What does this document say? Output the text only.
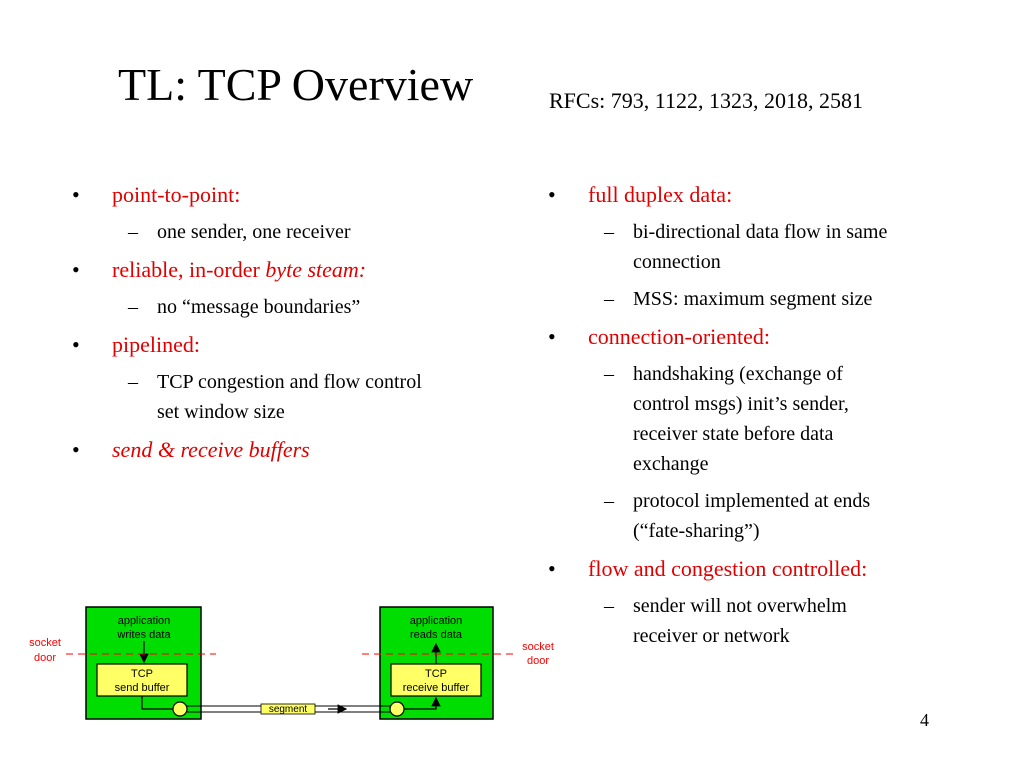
TL: TCP Overview	RFCs: 793, 1122, 1323, 2018, 2581
• point-to-point:
– one sender, one receiver
• reliable, in-order byte steam:
– no “message boundaries”
• pipelined:
– TCP congestion and flow control
set window size
• send & receive buffers
• full duplex data:
– bi-directional data flow in same
connection
– MSS: maximum segment size
• connection-oriented:
– handshaking (exchange of
control msgs) init’s sender,
receiver state before data
exchange
– protocol implemented at ends
(“fate-sharing”)
• flow and congestion controlled:
– sender will not overwhelm
receiver or network
application
writes data
TCP
send buffer
application
reads data
TCP
receive buffer
segment
socket
door
socket
door
4
